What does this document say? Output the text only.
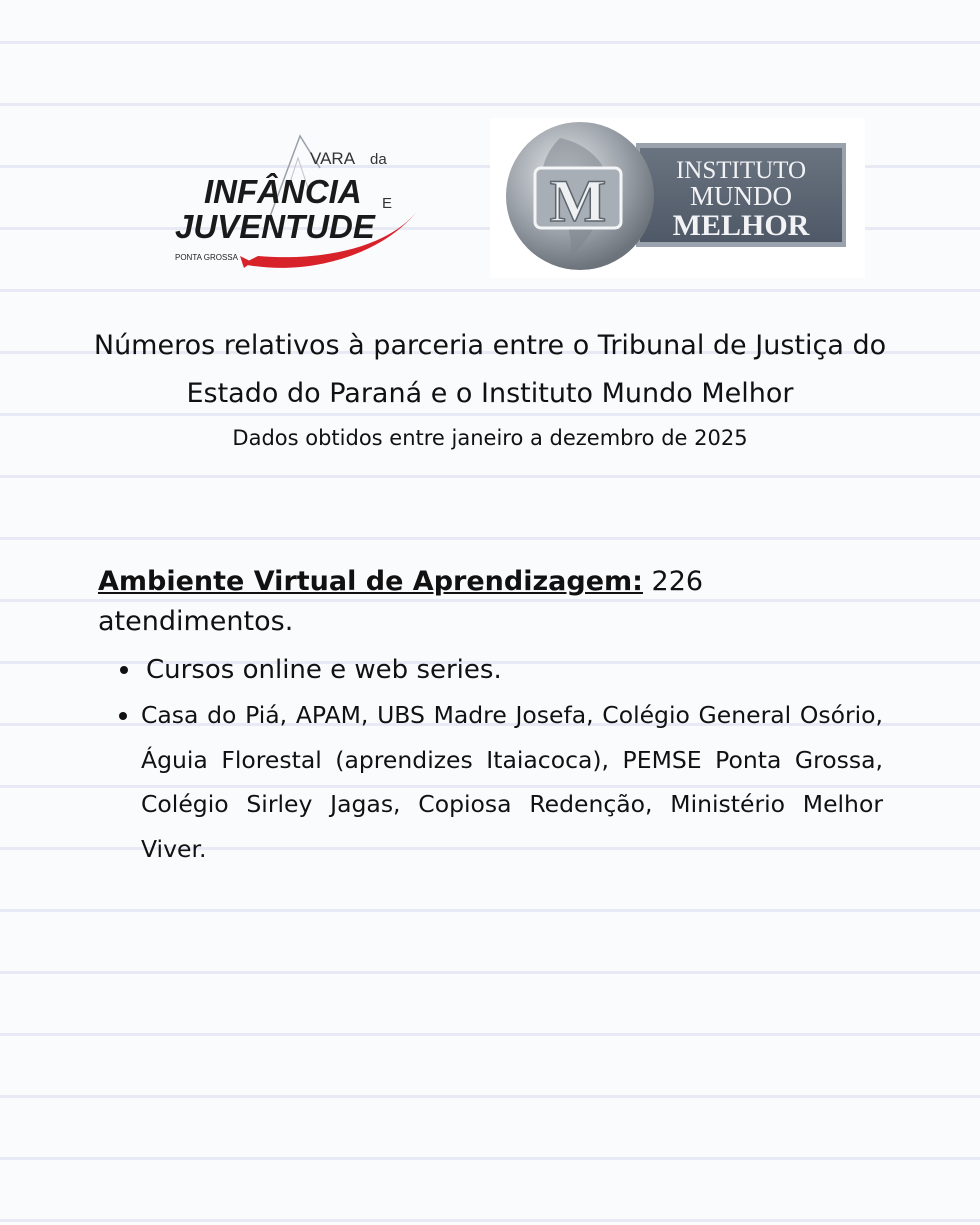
VARA da
INFÂNCIA E
JUVENTUDE
PONTA GROSSA
M	INSTITUTO
MUNDO
MELHOR
Números relativos à parceria entre o Tribunal de Justiça do
Estado do Paraná e o Instituto Mundo Melhor
Dados obtidos entre janeiro a dezembro de 2025
Ambiente Virtual de Aprendizagem: 226 atendimentos.
Cursos online e web series.
Casa do Piá, APAM, UBS Madre Josefa, Colégio General Osório, Águia Florestal (aprendizes Itaiacoca), PEMSE Ponta Grossa, Colégio Sirley Jagas, Copiosa Redenção, Ministério Melhor Viver.
